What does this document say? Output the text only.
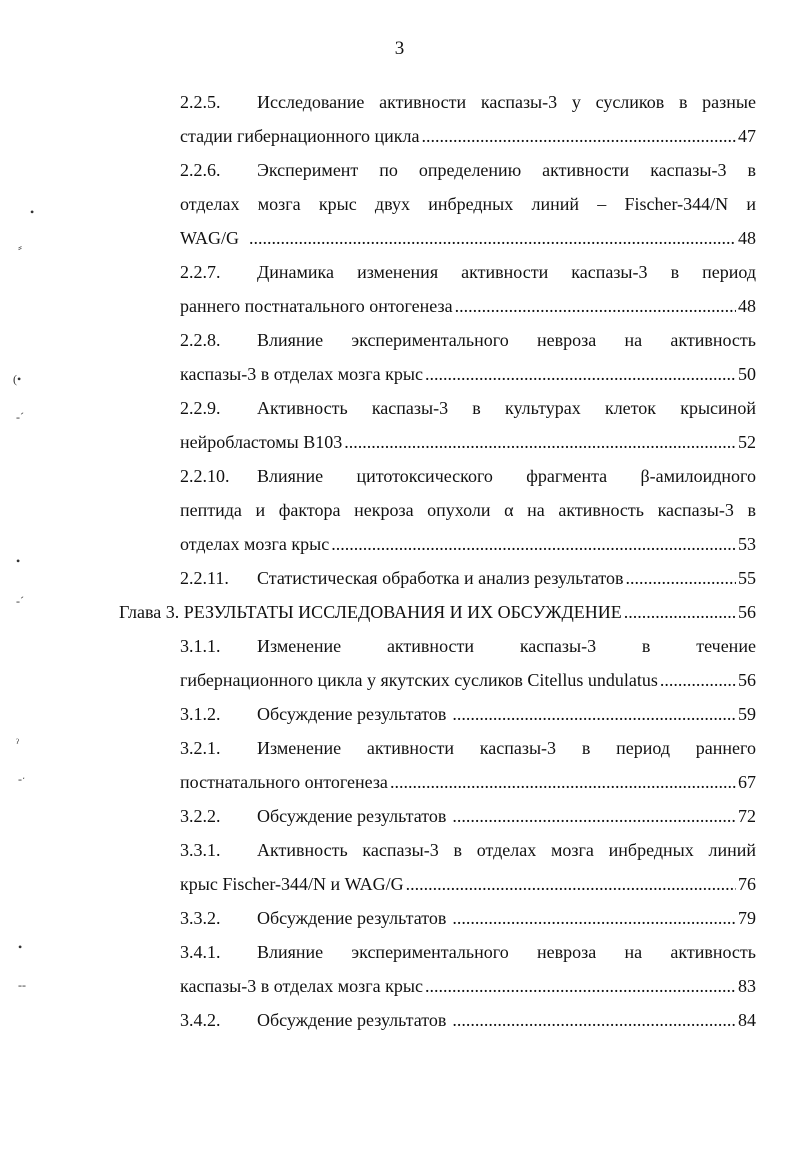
3
•
⸗
(•
‐ˊ
•
-ˊ
ˀ
‐ˑ
•
‐‐
2.2.5.	Исследование активности каспазы-3 у сусликов в разные
стадии гибернационного цикла .....	47
2.2.6.	Эксперимент по определению активности каспазы-3 в
отделах мозга крыс двух инбредных линий – Fischer-344/N и
WAG/G .....	48
2.2.7.	Динамика изменения активности каспазы-3 в период
раннего постнатального онтогенеза .....	48
2.2.8.	Влияние экспериментального невроза на активность
каспазы-3 в отделах мозга крыс .....	50
2.2.9.	Активность каспазы-3 в культурах клеток крысиной
нейробластомы В103 .....	52
2.2.10.	Влияние цитотоксического фрагмента β-амилоидного
пептида и фактора некроза опухоли α на активность каспазы-3 в
отделах мозга крыс .....	53
2.2.11.	Статистическая обработка и анализ результатов .....	55
Глава 3. РЕЗУЛЬТАТЫ ИССЛЕДОВАНИЯ И ИХ ОБСУЖДЕНИЕ .....	56
3.1.1.	Изменение	активности	каспазы-3	в	течение
гибернационного цикла у якутских сусликов Citellus undulatus .....	56
3.1.2.	Обсуждение результатов .....	59
3.2.1.	Изменение активности каспазы-3 в период раннего
постнатального онтогенеза .....	67
3.2.2.	Обсуждение результатов .....	72
3.3.1.	Активность каспазы-3 в отделах мозга инбредных линий
крыс Fischer-344/N и WAG/G .....	76
3.3.2.	Обсуждение результатов .....	79
3.4.1.	Влияние экспериментального невроза на активность
каспазы-3 в отделах мозга крыс .....	83
3.4.2.	Обсуждение результатов .....	84
